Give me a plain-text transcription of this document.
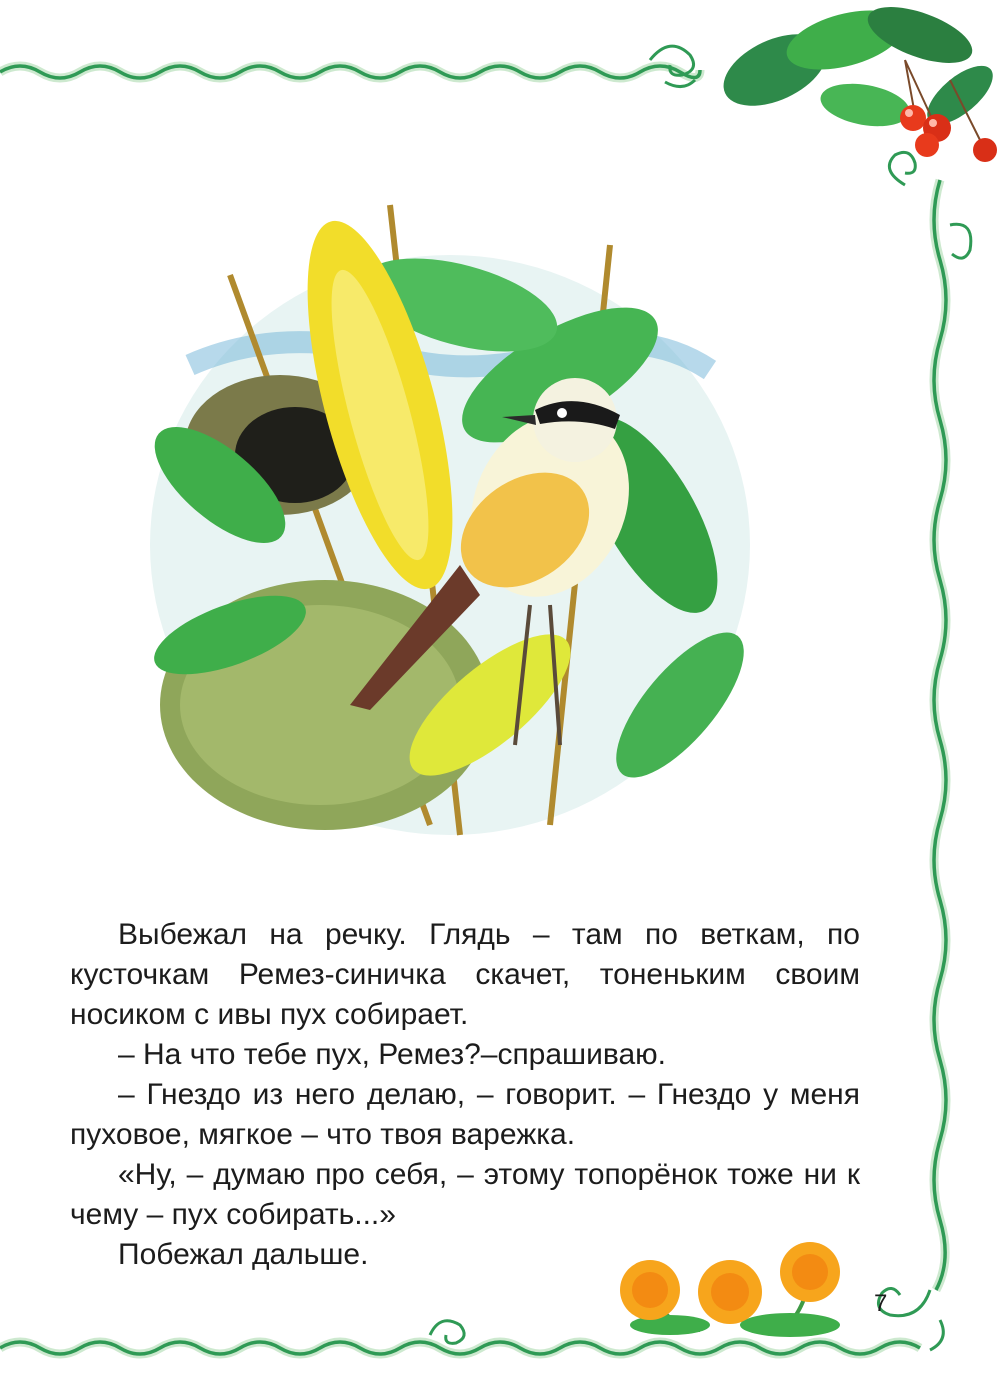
Выбежал на речку. Глядь – там по веткам, по кусточкам Ремез-синичка скачет, тоненьким своим носиком с ивы пух собирает.

– На что тебе пух, Ремез?–спрашиваю.

– Гнездо из него делаю, – говорит. – Гнездо у меня пуховое, мягкое – что твоя варежка.

«Ну, – думаю про себя, – этому топорёнок тоже ни к чему – пух собирать...»

Побежал дальше.

7
